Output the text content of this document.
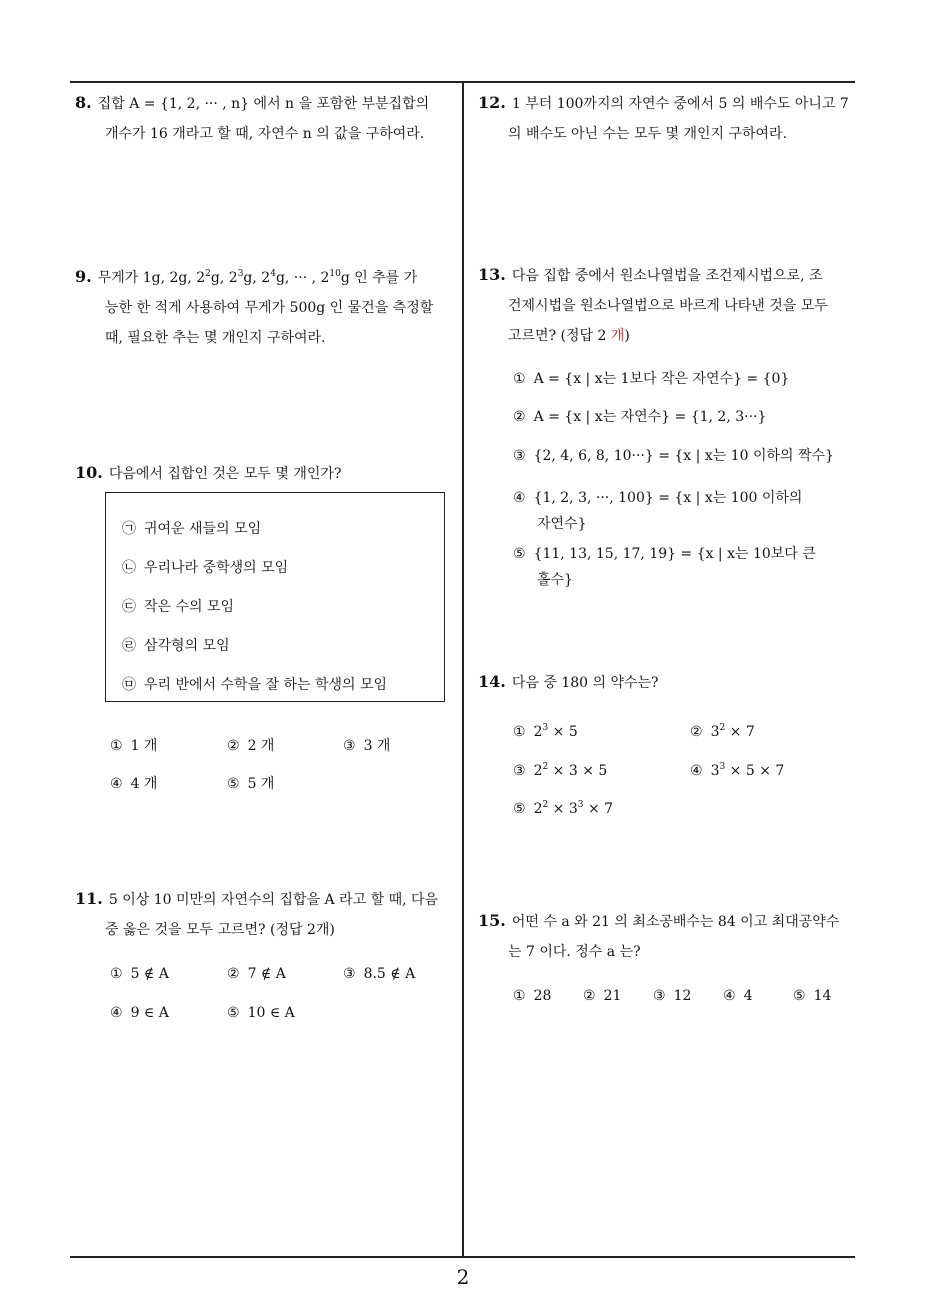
8. 집합 A = {1, 2, ··· , n} 에서 n 을 포함한 부분집합의
개수가 16 개라고 할 때, 자연수 n 의 값을 구하여라.
9. 무게가 1g, 2g, $2^2g$, $2^3g$, $2^4g$, ··· , $2^{10}g$ 인 추를 가
능한 한 적게 사용하여 무게가 500g 인 물건을 측정할
때, 필요한 추는 몇 개인지 구하여라.
10. 다음에서 집합인 것은 모두 몇 개인가?
㉠ 귀여운 새들의 모임
㉡ 우리나라 중학생의 모임
㉢ 작은 수의 모임
㉣ 삼각형의 모임
㉤ 우리 반에서 수학을 잘 하는 학생의 모임
① 1 개	② 2 개	③ 3 개
④ 4 개	⑤ 5 개
11. 5 이상 10 미만의 자연수의 집합을 A 라고 할 때, 다음
중 옳은 것을 모두 고르면? (정답 2개)
① 5 ∉ A	② 7 ∉ A	③ 8.5 ∉ A
④ 9 ∈ A	⑤ 10 ∈ A
12. 1 부터 100까지의 자연수 중에서 5 의 배수도 아니고 7
의 배수도 아닌 수는 모두 몇 개인지 구하여라.
13. 다음 집합 중에서 원소나열법을 조건제시법으로, 조
건제시법을 원소나열법으로 바르게 나타낸 것을 모두
고르면? (정답 2 개)
① A = {x | x는 1보다 작은 자연수} = {0}
② A = {x | x는 자연수} = {1, 2, 3···}
③ {2, 4, 6, 8, 10···} = {x | x는 10 이하의 짝수}
④ {1, 2, 3, ···, 100} = {x | x는 100 이하의
자연수}
⑤ {11, 13, 15, 17, 19} = {x | x는 10보다 큰
홀수}
14. 다음 중 180 의 약수는?
① $2^3 \times 5$	② $3^2 \times 7$
③ $2^2 \times 3 \times 5$	④ $3^3 \times 5 \times 7$
⑤ $2^2 \times 3^3 \times 7$
15. 어떤 수 a 와 21 의 최소공배수는 84 이고 최대공약수
는 7 이다. 정수 a 는?
① 28 ② 21 ③ 12 ④ 4	⑤ 14
2
